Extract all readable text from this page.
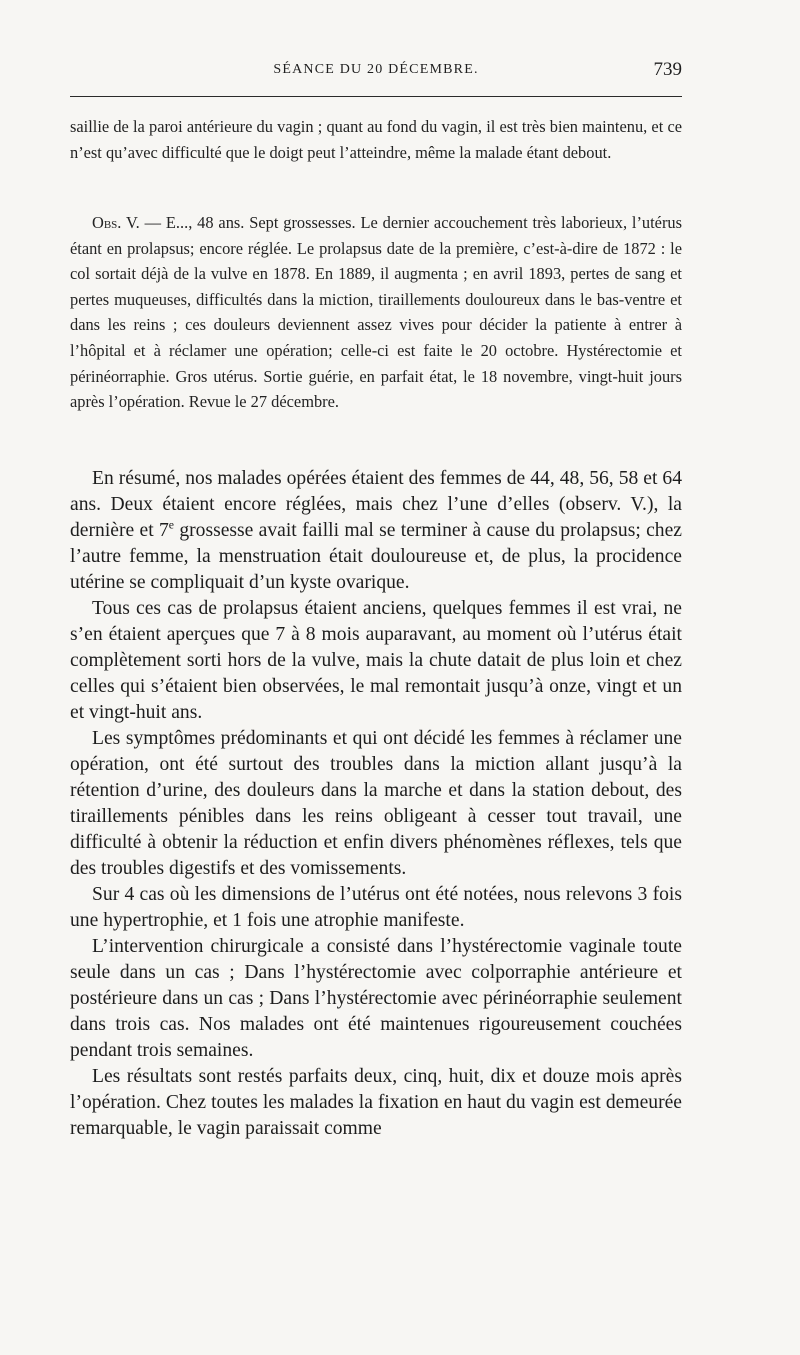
SÉANCE DU 20 DÉCEMBRE.	739

saillie de la paroi antérieure du vagin ; quant au fond du vagin, il est très bien maintenu, et ce n’est qu’avec difficulté que le doigt peut l’atteindre, même la malade étant debout.

Obs. V. — E..., 48 ans. Sept grossesses. Le dernier accouchement très laborieux, l’utérus étant en prolapsus; encore réglée. Le prolapsus date de la première, c’est-à-dire de 1872 : le col sortait déjà de la vulve en 1878. En 1889, il augmenta ; en avril 1893, pertes de sang et pertes muqueuses, difficultés dans la miction, tiraillements douloureux dans le bas-ventre et dans les reins ; ces douleurs deviennent assez vives pour décider la patiente à entrer à l’hôpital et à réclamer une opération; celle-ci est faite le 20 octobre. Hystérectomie et périnéorraphie. Gros utérus. Sortie guérie, en parfait état, le 18 novembre, vingt-huit jours après l’opération. Revue le 27 décembre.

En résumé, nos malades opérées étaient des femmes de 44, 48, 56, 58 et 64 ans. Deux étaient encore réglées, mais chez l’une d’elles (observ. V.), la dernière et 7e grossesse avait failli mal se terminer à cause du prolapsus; chez l’autre femme, la menstruation était douloureuse et, de plus, la procidence utérine se compliquait d’un kyste ovarique.

Tous ces cas de prolapsus étaient anciens, quelques femmes il est vrai, ne s’en étaient aperçues que 7 à 8 mois auparavant, au moment où l’utérus était complètement sorti hors de la vulve, mais la chute datait de plus loin et chez celles qui s’étaient bien observées, le mal remontait jusqu’à onze, vingt et un et vingt-huit ans.

Les symptômes prédominants et qui ont décidé les femmes à réclamer une opération, ont été surtout des troubles dans la miction allant jusqu’à la rétention d’urine, des douleurs dans la marche et dans la station debout, des tiraillements pénibles dans les reins obligeant à cesser tout travail, une difficulté à obtenir la réduction et enfin divers phénomènes réflexes, tels que des troubles digestifs et des vomissements.

Sur 4 cas où les dimensions de l’utérus ont été notées, nous relevons 3 fois une hypertrophie, et 1 fois une atrophie manifeste.

L’intervention chirurgicale a consisté dans l’hystérectomie vaginale toute seule dans un cas ; Dans l’hystérectomie avec colporraphie antérieure et postérieure dans un cas ; Dans l’hystérectomie avec périnéorraphie seulement dans trois cas. Nos malades ont été maintenues rigoureusement couchées pendant trois semaines.

Les résultats sont restés parfaits deux, cinq, huit, dix et douze mois après l’opération. Chez toutes les malades la fixation en haut du vagin est demeurée remarquable, le vagin paraissait comme
